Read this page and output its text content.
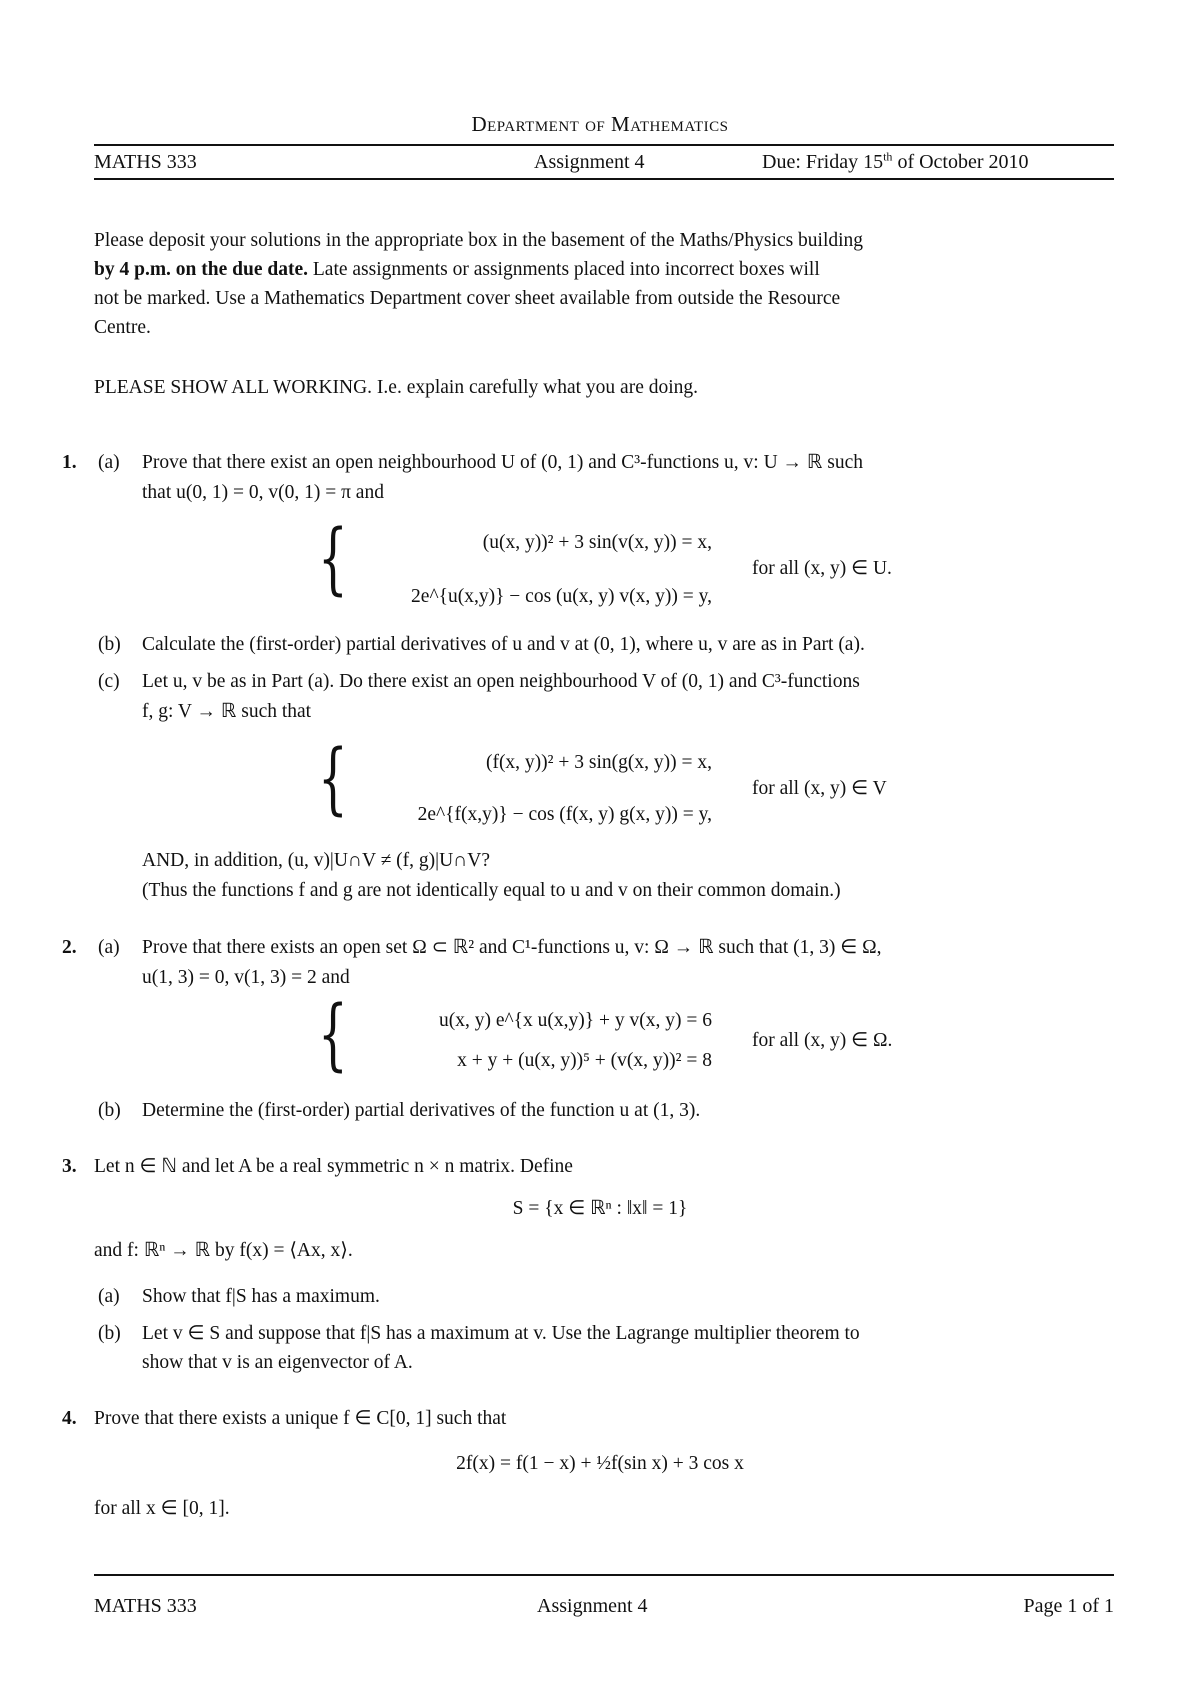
Department of Mathematics
MATHS 333	Assignment 4	Due: Friday 15th of October 2010
Please deposit your solutions in the appropriate box in the basement of the Maths/Physics building
by 4 p.m. on the due date. Late assignments or assignments placed into incorrect boxes will
not be marked. Use a Mathematics Department cover sheet available from outside the Resource
Centre.
PLEASE SHOW ALL WORKING. I.e. explain carefully what you are doing.
1. (a) Prove that there exist an open neighbourhood U of (0, 1) and C³-functions u, v: U → ℝ such
that u(0, 1) = 0, v(0, 1) = π and
{	(u(x, y))² + 3 sin(v(x, y)) = x,
2e^{u(x,y)} − cos (u(x, y) v(x, y)) = y,
for all (x, y) ∈ U.
(b) Calculate the (first-order) partial derivatives of u and v at (0, 1), where u, v are as in Part (a).
(c) Let u, v be as in Part (a). Do there exist an open neighbourhood V of (0, 1) and C³-functions
f, g: V → ℝ such that
{	(f(x, y))² + 3 sin(g(x, y)) = x,
2e^{f(x,y)} − cos (f(x, y) g(x, y)) = y,
for all (x, y) ∈ V
AND, in addition, (u, v)|U∩V ≠ (f, g)|U∩V?
(Thus the functions f and g are not identically equal to u and v on their common domain.)
2. (a) Prove that there exists an open set Ω ⊂ ℝ² and C¹-functions u, v: Ω → ℝ such that (1, 3) ∈ Ω,
u(1, 3) = 0, v(1, 3) = 2 and
{	u(x, y) e^{x u(x,y)} + y v(x, y) = 6
x + y + (u(x, y))⁵ + (v(x, y))² = 8
for all (x, y) ∈ Ω.
(b) Determine the (first-order) partial derivatives of the function u at (1, 3).
3. Let n ∈ ℕ and let A be a real symmetric n × n matrix. Define
S = {x ∈ ℝⁿ : ‖x‖ = 1}
and f: ℝⁿ → ℝ by f(x) = ⟨Ax, x⟩.
(a) Show that f|S has a maximum.
(b) Let v ∈ S and suppose that f|S has a maximum at v. Use the Lagrange multiplier theorem to
show that v is an eigenvector of A.
4. Prove that there exists a unique f ∈ C[0, 1] such that
2f(x) = f(1 − x) + ½f(sin x) + 3 cos x
for all x ∈ [0, 1].
MATHS 333	Assignment 4	Page 1 of 1
